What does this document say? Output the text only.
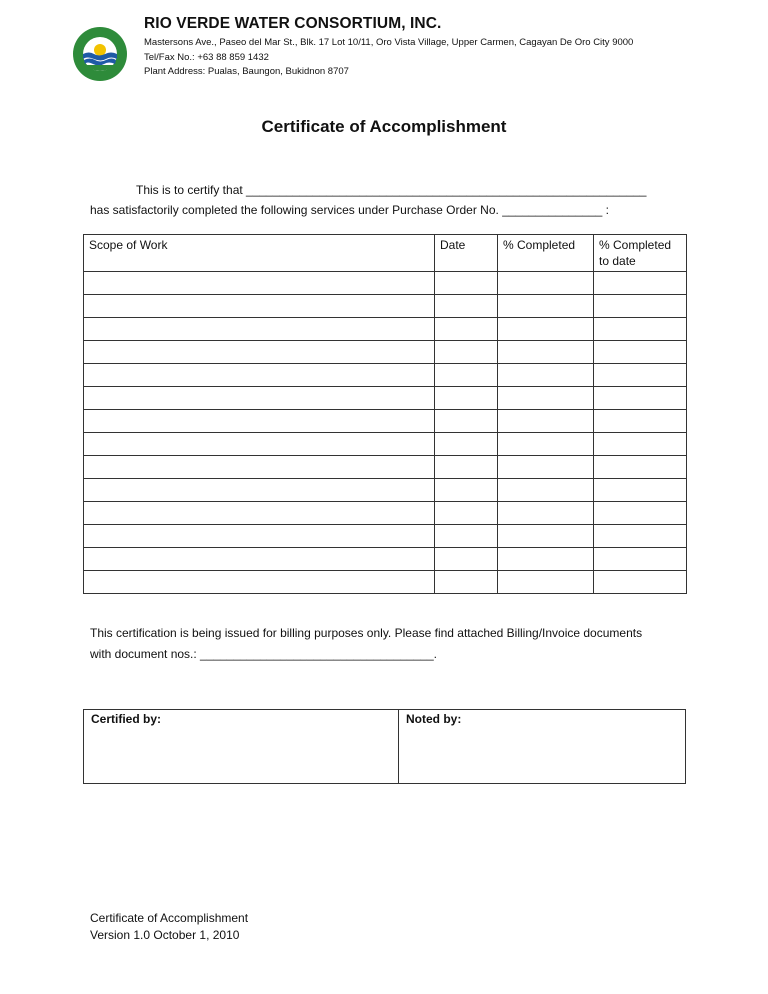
RIO VERDE WATER CONSORTIUM, INC.
Mastersons Ave., Paseo del Mar St., Blk. 17 Lot 10/11, Oro Vista Village, Upper Carmen, Cagayan De Oro City 9000
Tel/Fax No.: +63 88 859 1432
Plant Address: Pualas, Baungon, Bukidnon 8707
Certificate of Accomplishment
This is to certify that ____________________________________________________________
has satisfactorily completed the following services under Purchase Order No. _______________ :
Scope of Work	Date	% Completed	% Completed to date

This certification is being issued for billing purposes only. Please find attached Billing/Invoice documents
with document nos.: ___________________________________.
Certified by:	Noted by:
Certificate of Accomplishment
Version 1.0 October 1, 2010
